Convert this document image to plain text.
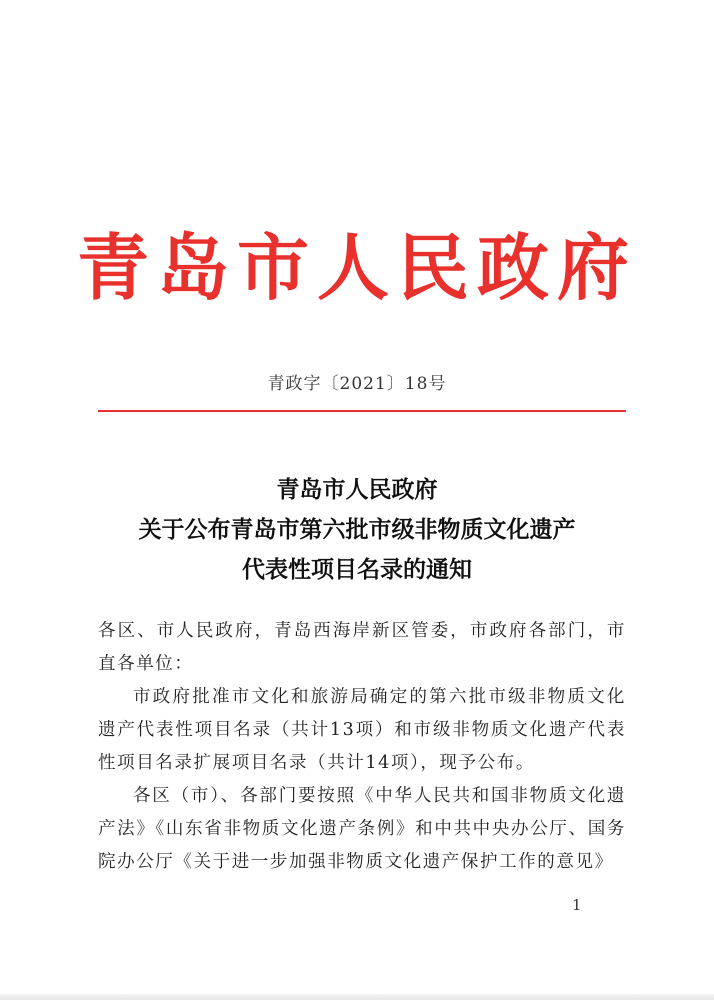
青岛市人民政府
青政字〔2021〕18号
青岛市人民政府
关于公布青岛市第六批市级非物质文化遗产
代表性项目名录的通知
各区、市人民政府，青岛西海岸新区管委，市政府各部门，市直各单位：
市政府批准市文化和旅游局确定的第六批市级非物质文化遗产代表性项目名录（共计13项）和市级非物质文化遗产代表性项目名录扩展项目名录（共计14项），现予公布。
各区（市）、各部门要按照《中华人民共和国非物质文化遗产法》《山东省非物质文化遗产条例》和中共中央办公厅、国务院办公厅《关于进一步加强非物质文化遗产保护工作的意见》
1
